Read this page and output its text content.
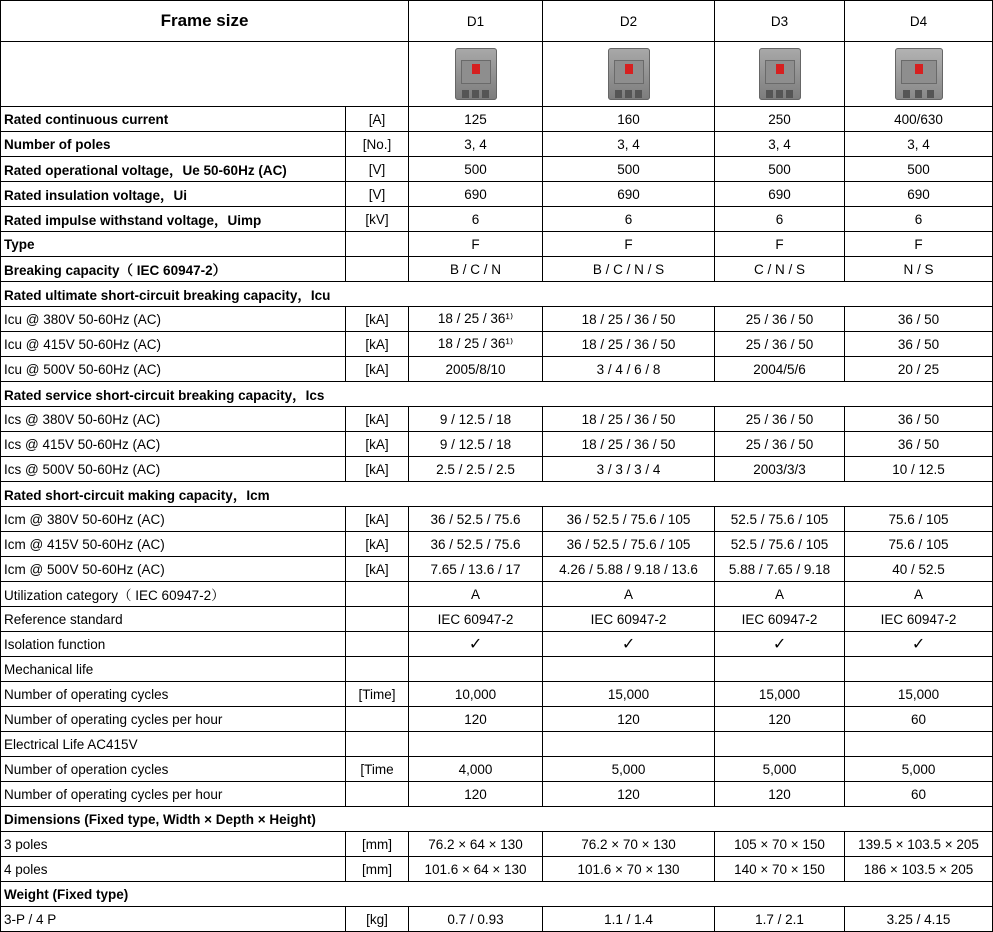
Frame size		D1	D2	D3	D4

Rated continuous current	[A]	125	160	250	400/630
Number of poles	[No.]	3, 4	3, 4	3, 4	3, 4
Rated operational voltage，Ue 50-60Hz (AC)	[V]	500	500	500	500
Rated insulation voltage，Ui	[V]	690	690	690	690
Rated impulse withstand voltage，Uimp	[kV]	6	6	6	6
Type		F	F	F	F
Breaking capacity（ IEC 60947-2）		B / C / N	B / C / N / S	C / N / S	N / S
Rated ultimate short-circuit breaking capacity，Icu					
Icu @ 380V 50-60Hz (AC)	[kA]	18 / 25 / 36¹⁾	18 / 25 / 36 / 50	25 / 36 / 50	36 / 50
Icu @ 415V 50-60Hz (AC)	[kA]	18 / 25 / 36¹⁾	18 / 25 / 36 / 50	25 / 36 / 50	36 / 50
Icu @ 500V 50-60Hz (AC)	[kA]	2005/8/10	3 / 4 / 6 / 8	2004/5/6	20 / 25
Rated service short-circuit breaking capacity，Ics					
Ics @ 380V 50-60Hz (AC)	[kA]	9 / 12.5 / 18	18 / 25 / 36 / 50	25 / 36 / 50	36 / 50
Ics @ 415V 50-60Hz (AC)	[kA]	9 / 12.5 / 18	18 / 25 / 36 / 50	25 / 36 / 50	36 / 50
Ics @ 500V 50-60Hz (AC)	[kA]	2.5 / 2.5 / 2.5	3 / 3 / 3 / 4	2003/3/3	10 / 12.5
Rated short-circuit making capacity，Icm					
Icm @ 380V 50-60Hz (AC)	[kA]	36 / 52.5 / 75.6	36 / 52.5 / 75.6 / 105	52.5 / 75.6 / 105	75.6 / 105
Icm @ 415V 50-60Hz (AC)	[kA]	36 / 52.5 / 75.6	36 / 52.5 / 75.6 / 105	52.5 / 75.6 / 105	75.6 / 105
Icm @ 500V 50-60Hz (AC)	[kA]	7.65 / 13.6 / 17	4.26 / 5.88 / 9.18 / 13.6	5.88 / 7.65 / 9.18	40 / 52.5
Utilization category（ IEC 60947-2）		A	A	A	A
Reference standard		IEC 60947-2	IEC 60947-2	IEC 60947-2	IEC 60947-2
Isolation function		✓	✓	✓	✓
Mechanical life					
Number of operating cycles	[Time]	10,000	15,000	15,000	15,000
Number of operating cycles per hour		120	120	120	60
Electrical Life AC415V					
Number of operation cycles	[Time	4,000	5,000	5,000	5,000
Number of operating cycles per hour		120	120	120	60
Dimensions (Fixed type, Width × Depth × Height)					
3 poles	[mm]	76.2 × 64 × 130	76.2 × 70 × 130	105 × 70 × 150	139.5 × 103.5 × 205
4 poles	[mm]	101.6 × 64 × 130	101.6 × 70 × 130	140 × 70 × 150	186 × 103.5 × 205
Weight (Fixed type)					
3-P / 4 P	[kg]	0.7 / 0.93	1.1 / 1.4	1.7 / 2.1	3.25 / 4.15
